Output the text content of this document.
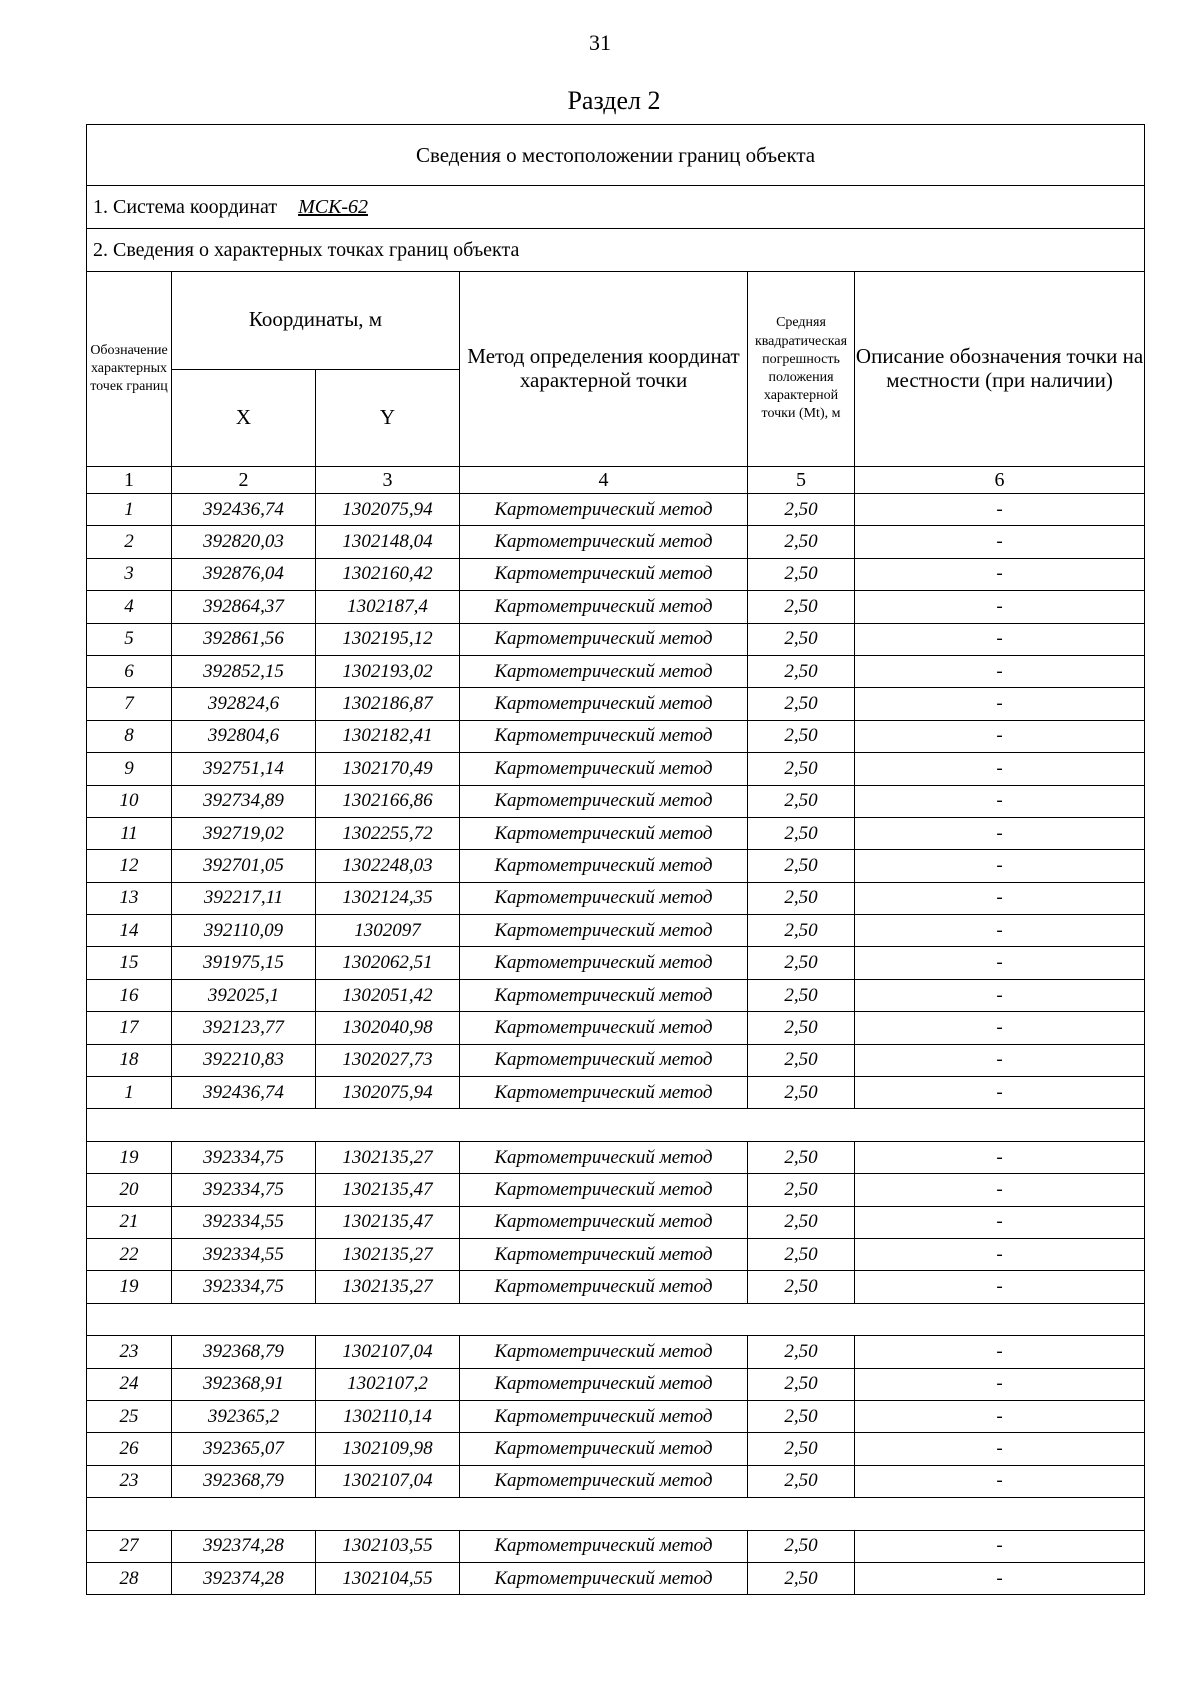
31
Раздел 2
Сведения о местоположении границ объекта					
1. Система координат МСК-62					
2. Сведения о характерных точках границ объекта					
Обозначение характерных точек границ	Координаты, м		Метод определения координат характерной точки	Средняя квадратическая погрешность положения характерной точки (Mt), м	Описание обозначения точки на местности (при наличии)
	X	Y			
1	2	3	4	5	6
1	392436,74	1302075,94	Картометрический метод	2,50	-
2	392820,03	1302148,04	Картометрический метод	2,50	-
3	392876,04	1302160,42	Картометрический метод	2,50	-
4	392864,37	1302187,4	Картометрический метод	2,50	-
5	392861,56	1302195,12	Картометрический метод	2,50	-
6	392852,15	1302193,02	Картометрический метод	2,50	-
7	392824,6	1302186,87	Картометрический метод	2,50	-
8	392804,6	1302182,41	Картометрический метод	2,50	-
9	392751,14	1302170,49	Картометрический метод	2,50	-
10	392734,89	1302166,86	Картометрический метод	2,50	-
11	392719,02	1302255,72	Картометрический метод	2,50	-
12	392701,05	1302248,03	Картометрический метод	2,50	-
13	392217,11	1302124,35	Картометрический метод	2,50	-
14	392110,09	1302097	Картометрический метод	2,50	-
15	391975,15	1302062,51	Картометрический метод	2,50	-
16	392025,1	1302051,42	Картометрический метод	2,50	-
17	392123,77	1302040,98	Картометрический метод	2,50	-
18	392210,83	1302027,73	Картометрический метод	2,50	-
1	392436,74	1302075,94	Картометрический метод	2,50	-

19	392334,75	1302135,27	Картометрический метод	2,50	-
20	392334,75	1302135,47	Картометрический метод	2,50	-
21	392334,55	1302135,47	Картометрический метод	2,50	-
22	392334,55	1302135,27	Картометрический метод	2,50	-
19	392334,75	1302135,27	Картометрический метод	2,50	-

23	392368,79	1302107,04	Картометрический метод	2,50	-
24	392368,91	1302107,2	Картометрический метод	2,50	-
25	392365,2	1302110,14	Картометрический метод	2,50	-
26	392365,07	1302109,98	Картометрический метод	2,50	-
23	392368,79	1302107,04	Картометрический метод	2,50	-

27	392374,28	1302103,55	Картометрический метод	2,50	-
28	392374,28	1302104,55	Картометрический метод	2,50	-
